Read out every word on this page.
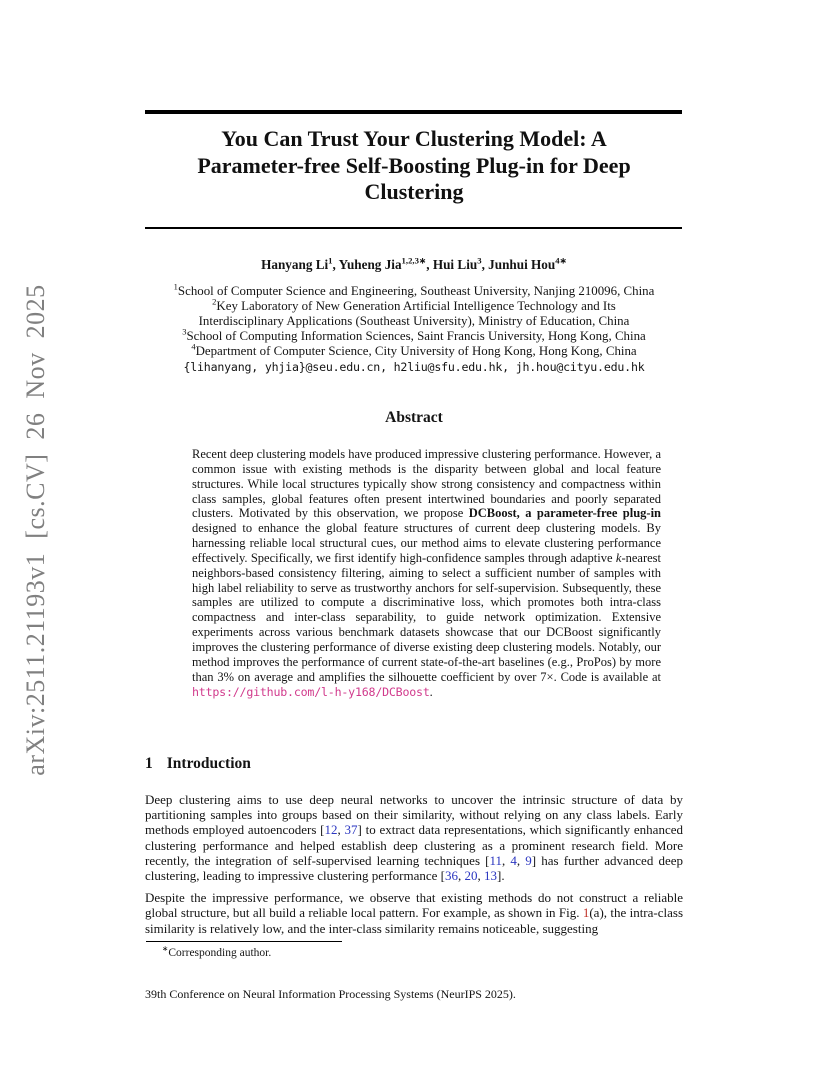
arXiv:2511.21193v1 [cs.CV] 26 Nov 2025
You Can Trust Your Clustering Model: A
Parameter-free Self-Boosting Plug-in for Deep
Clustering
Hanyang Li$^1$, Yuheng Jia$^{1,2,3∗}$, Hui Liu$^3$, Junhui Hou$^{4∗}$
$^1$School of Computer Science and Engineering, Southeast University, Nanjing 210096, China
$^2$Key Laboratory of New Generation Artificial Intelligence Technology and Its
Interdisciplinary Applications (Southeast University), Ministry of Education, China
$^3$School of Computing Information Sciences, Saint Francis University, Hong Kong, China
$^4$Department of Computer Science, City University of Hong Kong, Hong Kong, China
{lihanyang, yhjia}@seu.edu.cn, h2liu@sfu.edu.hk, jh.hou@cityu.edu.hk
Abstract
Recent deep clustering models have produced impressive clustering performance. However, a common issue with existing methods is the disparity between global and local feature structures. While local structures typically show strong consistency and compactness within class samples, global features often present intertwined boundaries and poorly separated clusters. Motivated by this observation, we propose DCBoost, a parameter-free plug-in designed to enhance the global feature structures of current deep clustering models. By harnessing reliable local structural cues, our method aims to elevate clustering performance effectively. Specifically, we first identify high-confidence samples through adaptive k-nearest neighbors-based consistency filtering, aiming to select a sufficient number of samples with high label reliability to serve as trustworthy anchors for self-supervision. Subsequently, these samples are utilized to compute a discriminative loss, which promotes both intra-class compactness and inter-class separability, to guide network optimization. Extensive experiments across various benchmark datasets showcase that our DCBoost significantly improves the clustering performance of diverse existing deep clustering models. Notably, our method improves the performance of current state-of-the-art baselines (e.g., ProPos) by more than 3% on average and amplifies the silhouette coefficient by over 7×. Code is available at https://github.com/l-h-y168/DCBoost.
1 Introduction

Deep clustering aims to use deep neural networks to uncover the intrinsic structure of data by partitioning samples into groups based on their similarity, without relying on any class labels. Early methods employed autoencoders [12, 37] to extract data representations, which significantly enhanced clustering performance and helped establish deep clustering as a prominent research field. More recently, the integration of self-supervised learning techniques [11, 4, 9] has further advanced deep clustering, leading to impressive clustering performance [36, 20, 13].

Despite the impressive performance, we observe that existing methods do not construct a reliable global structure, but all build a reliable local pattern. For example, as shown in Fig. 1(a), the intra-class similarity is relatively low, and the inter-class similarity remains noticeable, suggesting

∗Corresponding author.
39th Conference on Neural Information Processing Systems (NeurIPS 2025).
